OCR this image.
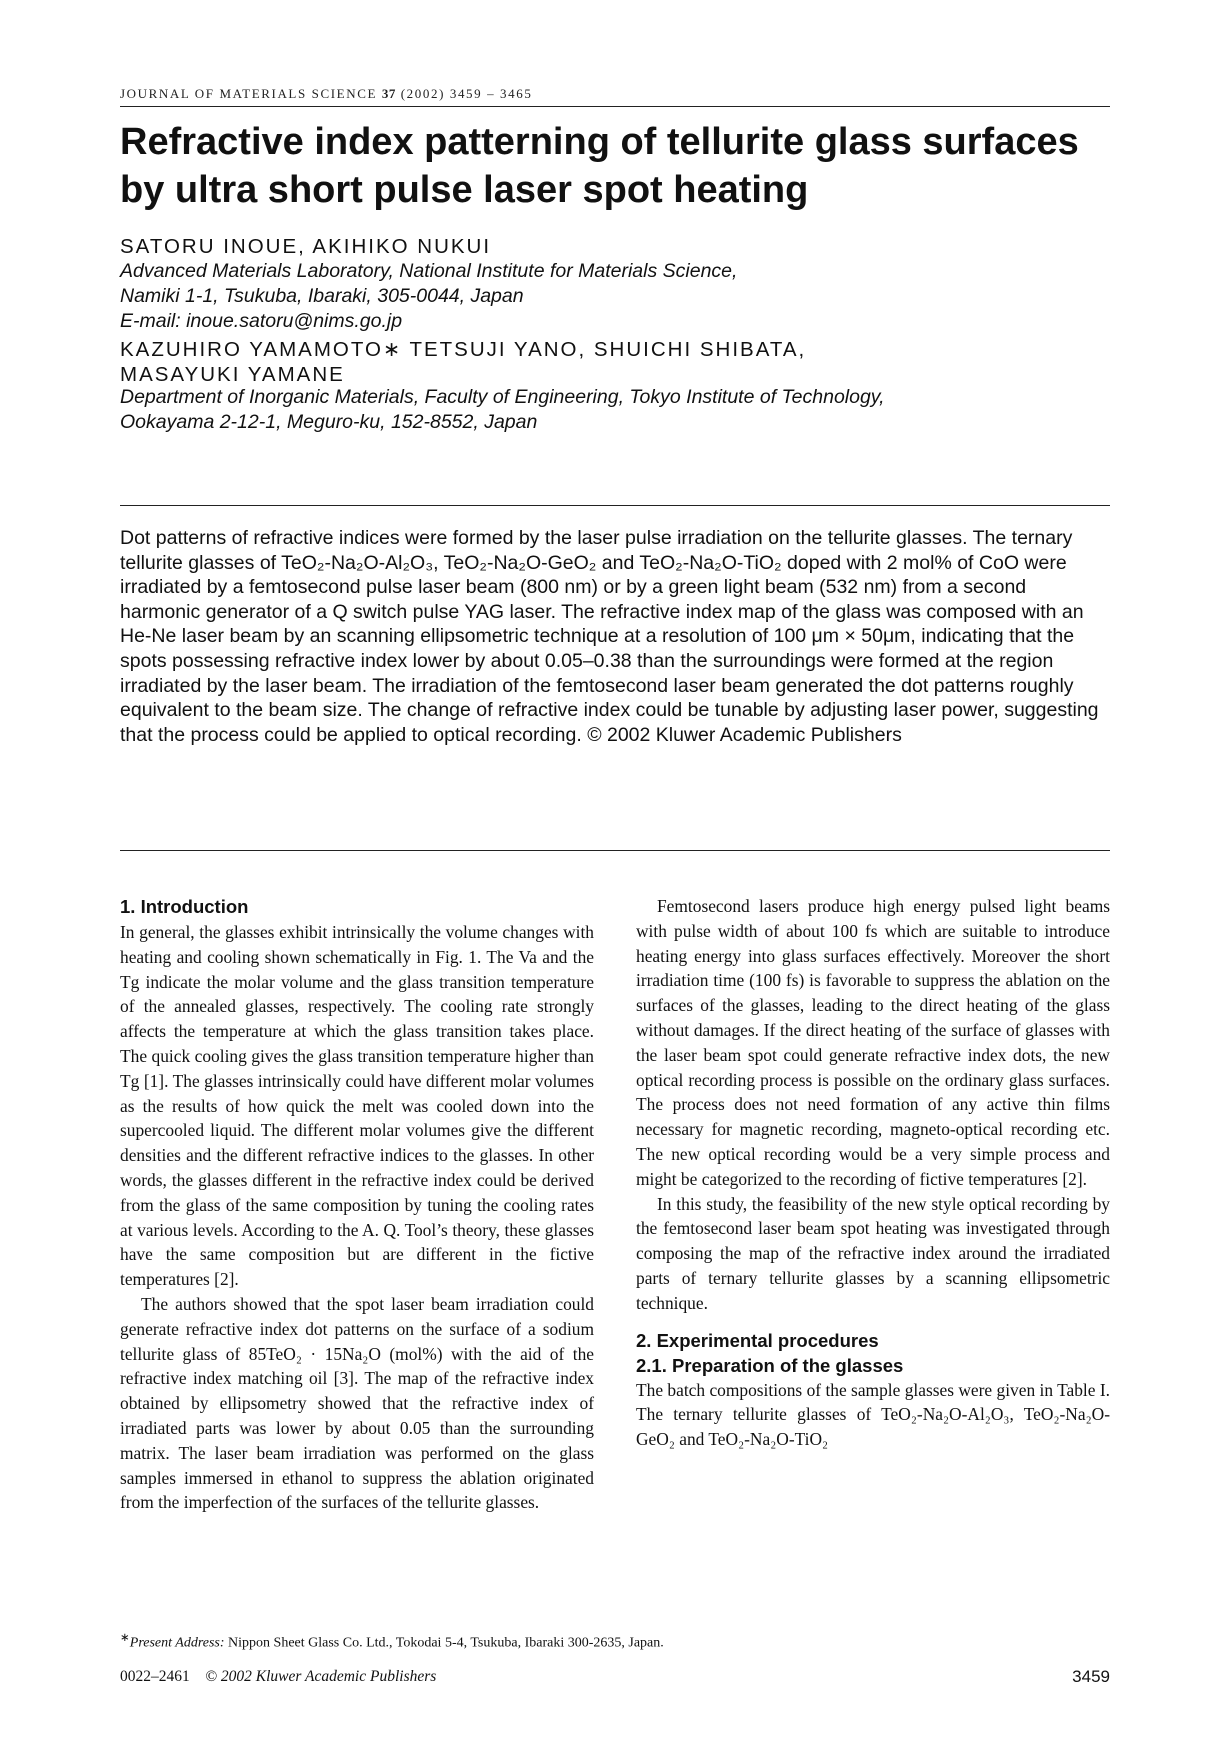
JOURNAL OF MATERIALS SCIENCE 37 (2002) 3459 – 3465
Refractive index patterning of tellurite glass surfaces by ultra short pulse laser spot heating
SATORU INOUE, AKIHIKO NUKUI
Advanced Materials Laboratory, National Institute for Materials Science,
Namiki 1-1, Tsukuba, Ibaraki, 305-0044, Japan
E-mail: inoue.satoru@nims.go.jp
KAZUHIRO YAMAMOTO∗ TETSUJI YANO, SHUICHI SHIBATA,
MASAYUKI YAMANE
Department of Inorganic Materials, Faculty of Engineering, Tokyo Institute of Technology,
Ookayama 2-12-1, Meguro-ku, 152-8552, Japan

Dot patterns of refractive indices were formed by the laser pulse irradiation on the tellurite glasses. The ternary tellurite glasses of TeO₂-Na₂O-Al₂O₃, TeO₂-Na₂O-GeO₂ and TeO₂-Na₂O-TiO₂ doped with 2 mol% of CoO were irradiated by a femtosecond pulse laser beam (800 nm) or by a green light beam (532 nm) from a second harmonic generator of a Q switch pulse YAG laser. The refractive index map of the glass was composed with an He-Ne laser beam by an scanning ellipsometric technique at a resolution of 100 μm × 50μm, indicating that the spots possessing refractive index lower by about 0.05–0.38 than the surroundings were formed at the region irradiated by the laser beam. The irradiation of the femtosecond laser beam generated the dot patterns roughly equivalent to the beam size. The change of refractive index could be tunable by adjusting laser power, suggesting that the process could be applied to optical recording. © 2002 Kluwer Academic Publishers

1. Introduction

In general, the glasses exhibit intrinsically the volume changes with heating and cooling shown schematically in Fig. 1. The Va and the Tg indicate the molar volume and the glass transition temperature of the annealed glasses, respectively. The cooling rate strongly affects the temperature at which the glass transition takes place. The quick cooling gives the glass transition temperature higher than Tg [1]. The glasses intrinsically could have different molar volumes as the results of how quick the melt was cooled down into the supercooled liquid. The different molar volumes give the different densities and the different refractive indices to the glasses. In other words, the glasses different in the refractive index could be derived from the glass of the same composition by tuning the cooling rates at various levels. According to the A. Q. Tool’s theory, these glasses have the same composition but are different in the fictive temperatures [2].

The authors showed that the spot laser beam irradiation could generate refractive index dot patterns on the surface of a sodium tellurite glass of 85TeO₂ · 15Na₂O (mol%) with the aid of the refractive index matching oil [3]. The map of the refractive index obtained by ellipsometry showed that the refractive index of irradiated parts was lower by about 0.05 than the surrounding matrix. The laser beam irradiation was performed on the glass samples immersed in ethanol to suppress the ablation originated from the imperfection of the surfaces of the tellurite glasses.

Femtosecond lasers produce high energy pulsed light beams with pulse width of about 100 fs which are suitable to introduce heating energy into glass surfaces effectively. Moreover the short irradiation time (100 fs) is favorable to suppress the ablation on the surfaces of the glasses, leading to the direct heating of the glass without damages. If the direct heating of the surface of glasses with the laser beam spot could generate refractive index dots, the new optical recording process is possible on the ordinary glass surfaces. The process does not need formation of any active thin films necessary for magnetic recording, magneto-optical recording etc. The new optical recording would be a very simple process and might be categorized to the recording of fictive temperatures [2].

In this study, the feasibility of the new style optical recording by the femtosecond laser beam spot heating was investigated through composing the map of the refractive index around the irradiated parts of ternary tellurite glasses by a scanning ellipsometric technique.

2. Experimental procedures
2.1. Preparation of the glasses

The batch compositions of the sample glasses were given in Table I. The ternary tellurite glasses of TeO₂-Na₂O-Al₂O₃, TeO₂-Na₂O-GeO₂ and TeO₂-Na₂O-TiO₂

∗Present Address: Nippon Sheet Glass Co. Ltd., Tokodai 5-4, Tsukuba, Ibaraki 300-2635, Japan.
0022–2461 © 2002 Kluwer Academic Publishers	3459
